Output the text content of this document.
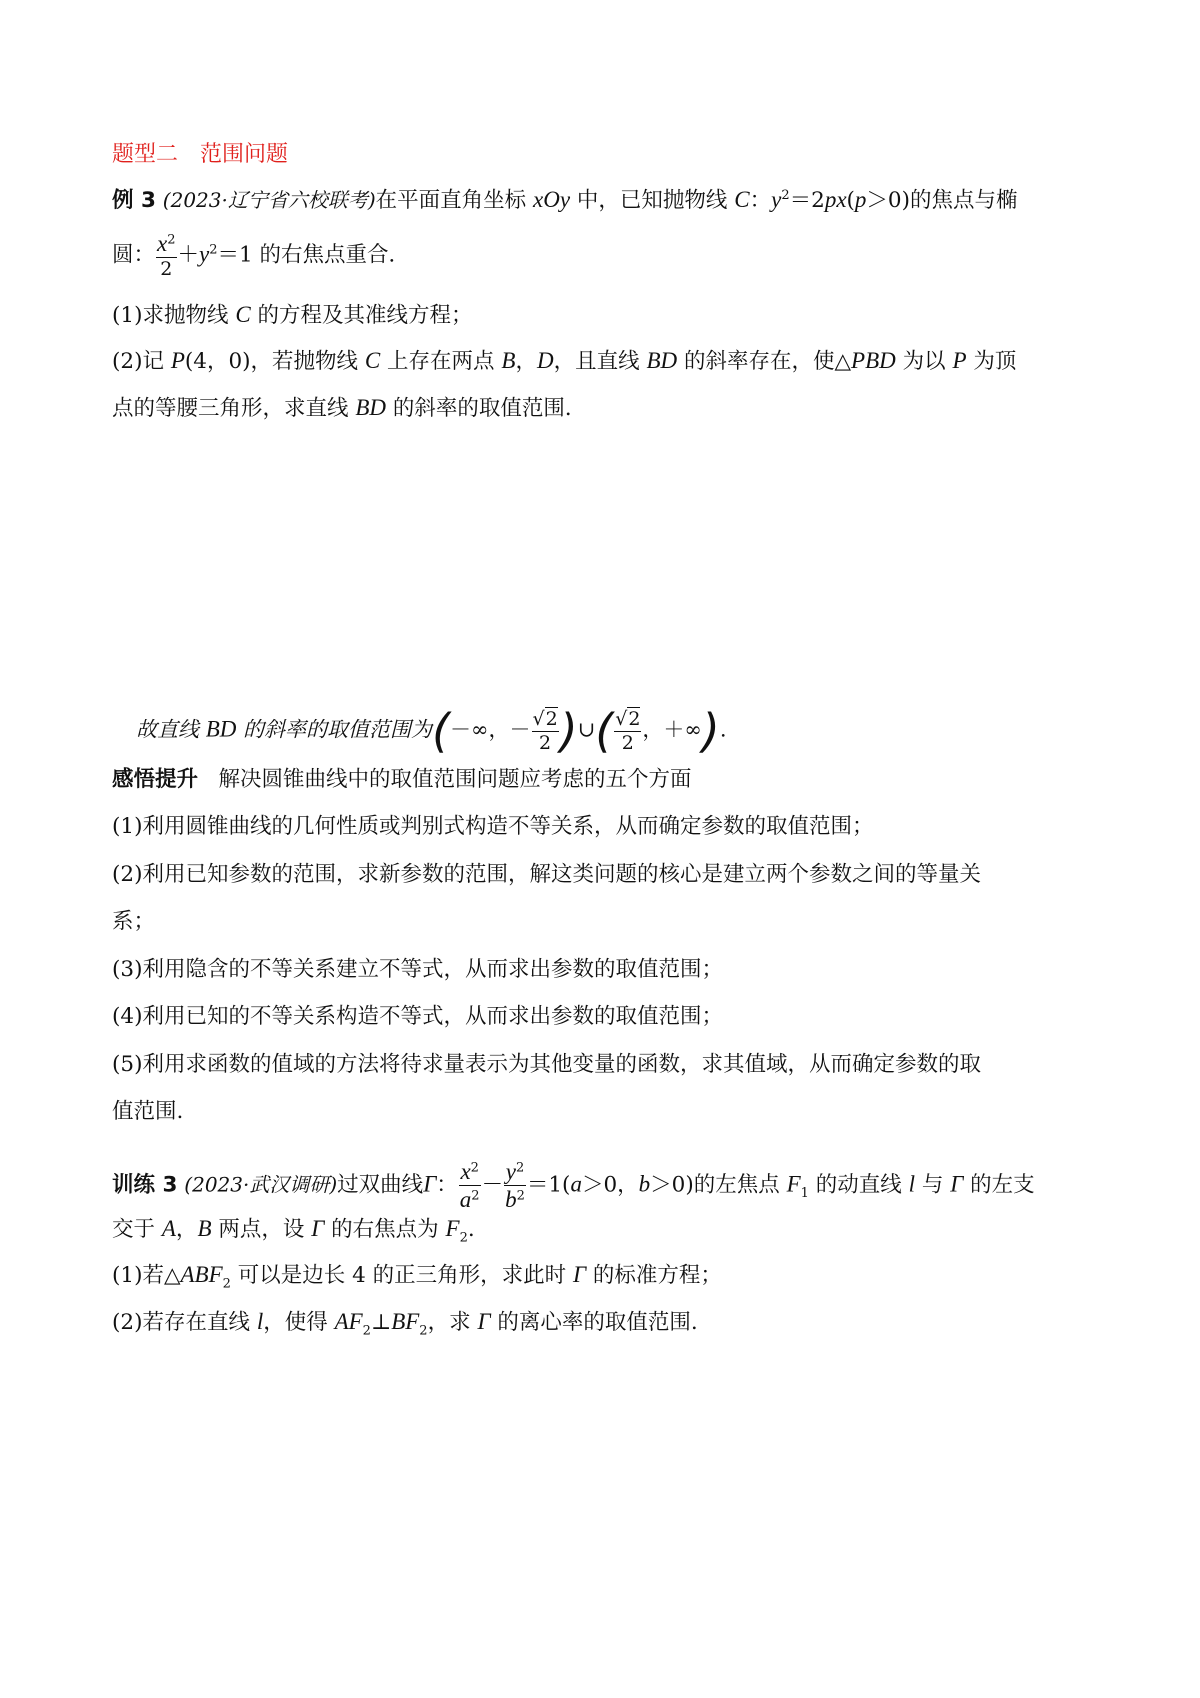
题型二　范围问题
例 3 (2023·辽宁省六校联考)在平面直角坐标 xOy 中，已知抛物线 C：$y^2=2px(p>0)$的焦点与椭
圆： $\frac{x^2}{2} +y^2=1$ 的右焦点重合．
(1)求抛物线 C 的方程及其准线方程；
(2)记 P(4，0)，若抛物线 C 上存在两点 B，D，且直线 BD 的斜率存在，使△PBD 为以 P 为顶
点的等腰三角形，求直线 BD 的斜率的取值范围．
故直线 BD 的斜率的取值范围为(－∞，－ $\frac{√2}{2}$ )∪( $\frac{√2}{2}$ ，＋∞).
感悟提升 解决圆锥曲线中的取值范围问题应考虑的五个方面
(1)利用圆锥曲线的几何性质或判别式构造不等关系，从而确定参数的取值范围；
(2)利用已知参数的范围，求新参数的范围，解这类问题的核心是建立两个参数之间的等量关
系；
(3)利用隐含的不等关系建立不等式，从而求出参数的取值范围；
(4)利用已知的不等关系构造不等式，从而求出参数的取值范围；
(5)利用求函数的值域的方法将待求量表示为其他变量的函数，求其值域，从而确定参数的取
值范围.
训练 3 (2023·武汉调研)过双曲线Γ： $\frac{x^2}{a^2} - \frac{y^2}{b^2} =1(a>0$，b＞0)的左焦点 $F_1$ 的动直线 l 与 Γ 的左支
交于 A，B 两点，设 Γ 的右焦点为 $F_2$.
(1)若$\triangle ABF_2$ 可以是边长 4 的正三角形，求此时 Γ 的标准方程；
(2)若存在直线 l，使得 $AF_2\perp BF_2$，求 Γ 的离心率的取值范围.
